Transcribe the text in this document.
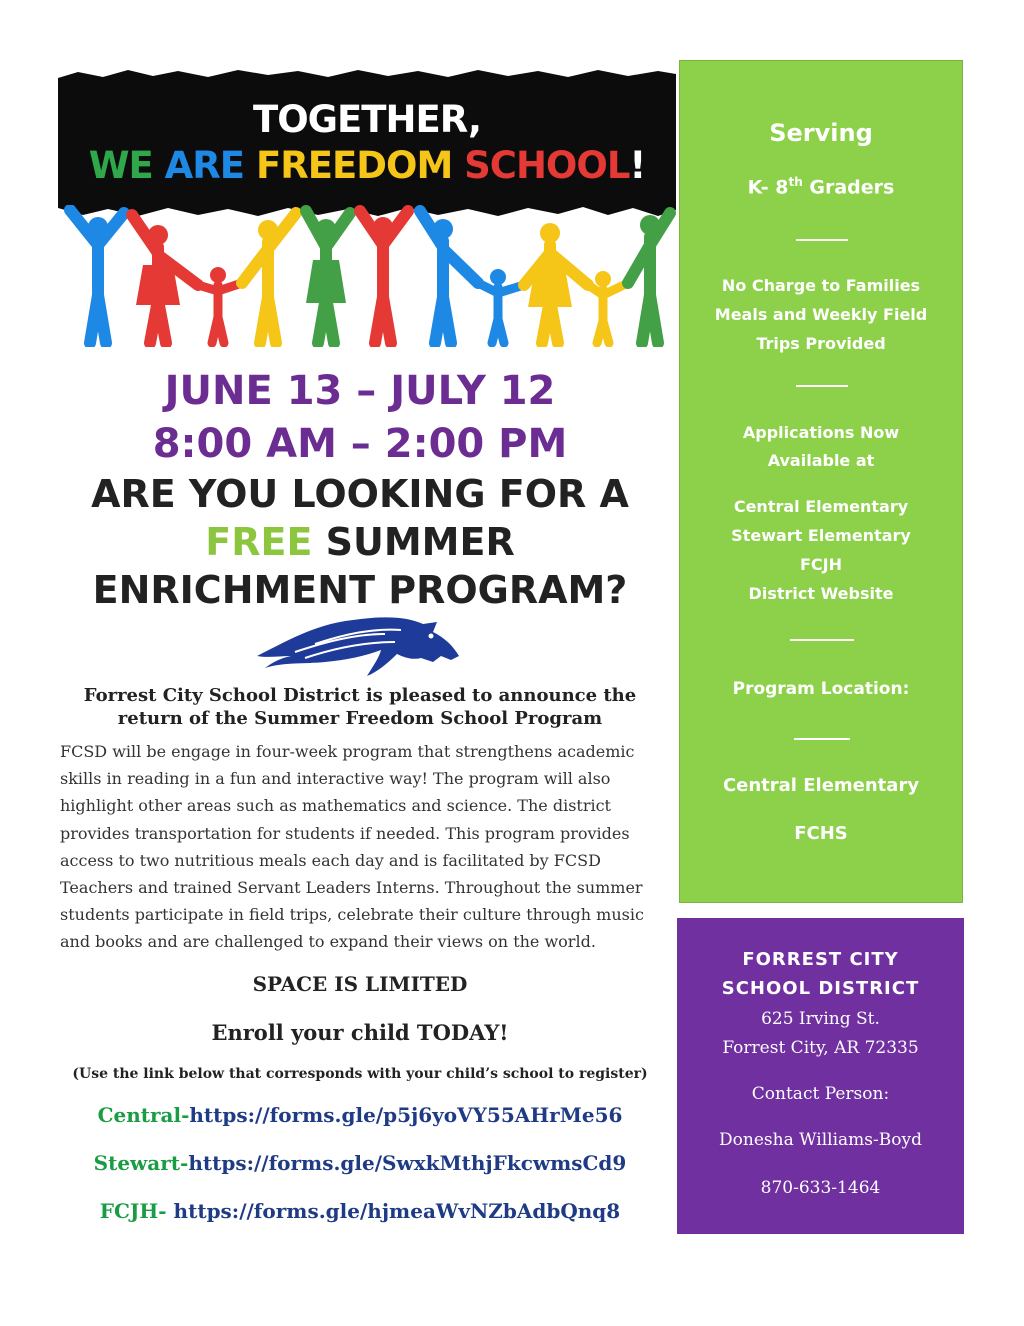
TOGETHER,
WE ARE FREEDOM SCHOOL!
JUNE 13 – JULY 12
8:00 AM – 2:00 PM
ARE YOU LOOKING FOR A
FREE SUMMER
ENRICHMENT PROGRAM?
Forrest City School District is pleased to announce the
return of the Summer Freedom School Program
FCSD will be engage in four-week program that strengthens academic
skills in reading in a fun and interactive way! The program will also
highlight other areas such as mathematics and science. The district
provides transportation for students if needed. This program provides
access to two nutritious meals each day and is facilitated by FCSD
Teachers and trained Servant Leaders Interns. Throughout the summer
students participate in field trips, celebrate their culture through music
and books and are challenged to expand their views on the world.
SPACE IS LIMITED
Enroll your child TODAY!
(Use the link below that corresponds with your child’s school to register)
Central-https://forms.gle/p5j6yoVY55AHrMe56
Stewart-https://forms.gle/SwxkMthjFkcwmsCd9
FCJH- https://forms.gle/hjmeaWvNZbAdbQnq8
Serving
K- 8th Graders
No Charge to Families
Meals and Weekly Field
Trips Provided
Applications Now
Available at
Central Elementary
Stewart Elementary
FCJH
District Website
Program Location:
Central Elementary
FCHS
FORREST CITY
SCHOOL DISTRICT
625 Irving St.
Forrest City, AR 72335
Contact Person:
Donesha Williams-Boyd
870-633-1464
